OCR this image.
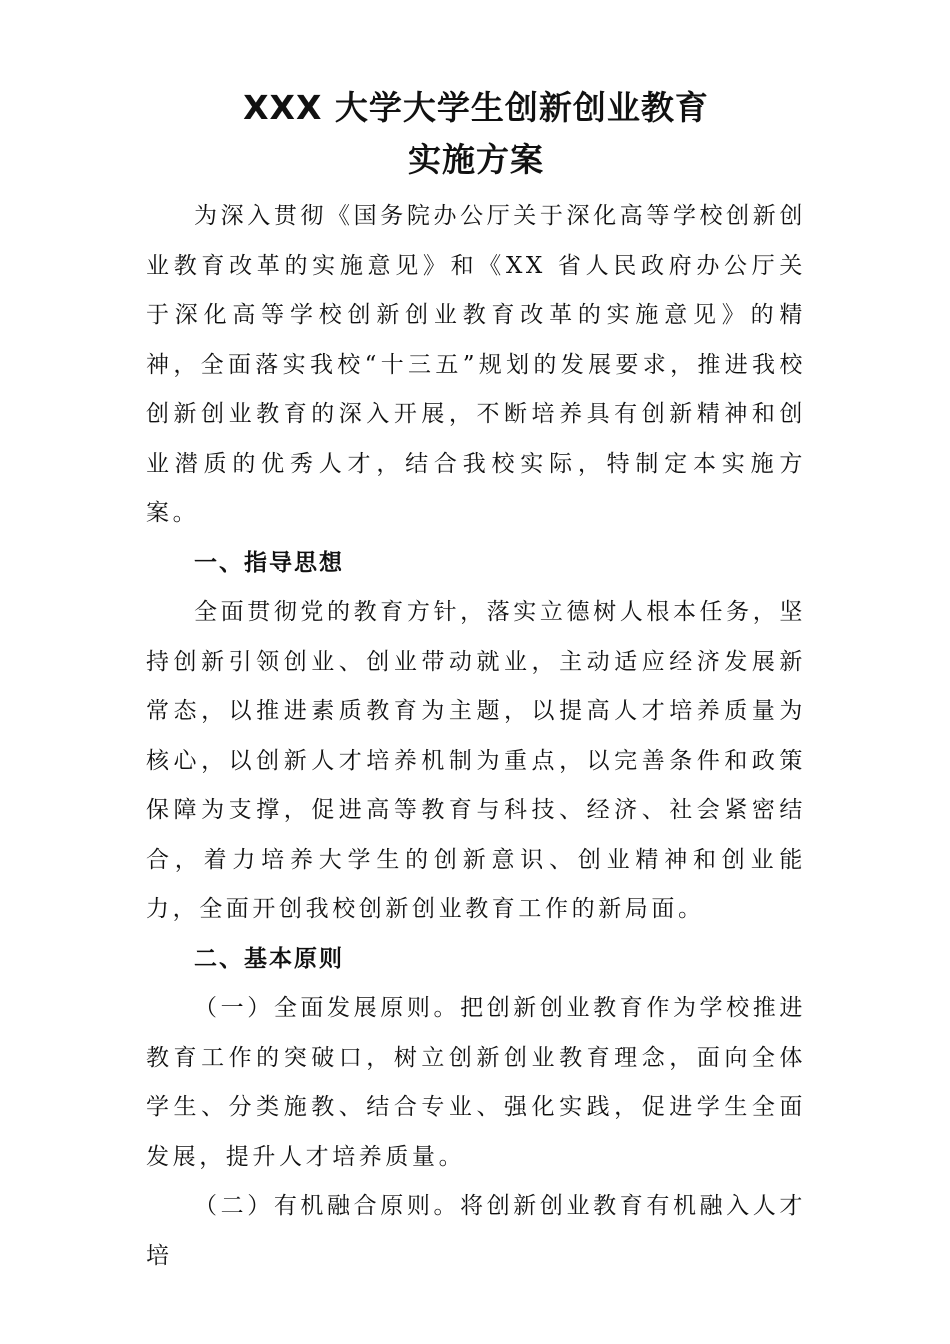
XXX 大学大学生创新创业教育
实施方案

为深入贯彻《国务院办公厅关于深化高等学校创新创业教育改革的实施意见》和《XX 省人民政府办公厅关于深化高等学校创新创业教育改革的实施意见》的精神，全面落实我校“十三五”规划的发展要求，推进我校创新创业教育的深入开展，不断培养具有创新精神和创业潜质的优秀人才，结合我校实际，特制定本实施方案。

一、指导思想

全面贯彻党的教育方针，落实立德树人根本任务，坚持创新引领创业、创业带动就业，主动适应经济发展新常态，以推进素质教育为主题，以提高人才培养质量为核心，以创新人才培养机制为重点，以完善条件和政策保障为支撑，促进高等教育与科技、经济、社会紧密结合，着力培养大学生的创新意识、创业精神和创业能力，全面开创我校创新创业教育工作的新局面。

二、基本原则

（一）全面发展原则。把创新创业教育作为学校推进教育工作的突破口，树立创新创业教育理念，面向全体学生、分类施教、结合专业、强化实践，促进学生全面发展，提升人才培养质量。

（二）有机融合原则。将创新创业教育有机融入人才培
